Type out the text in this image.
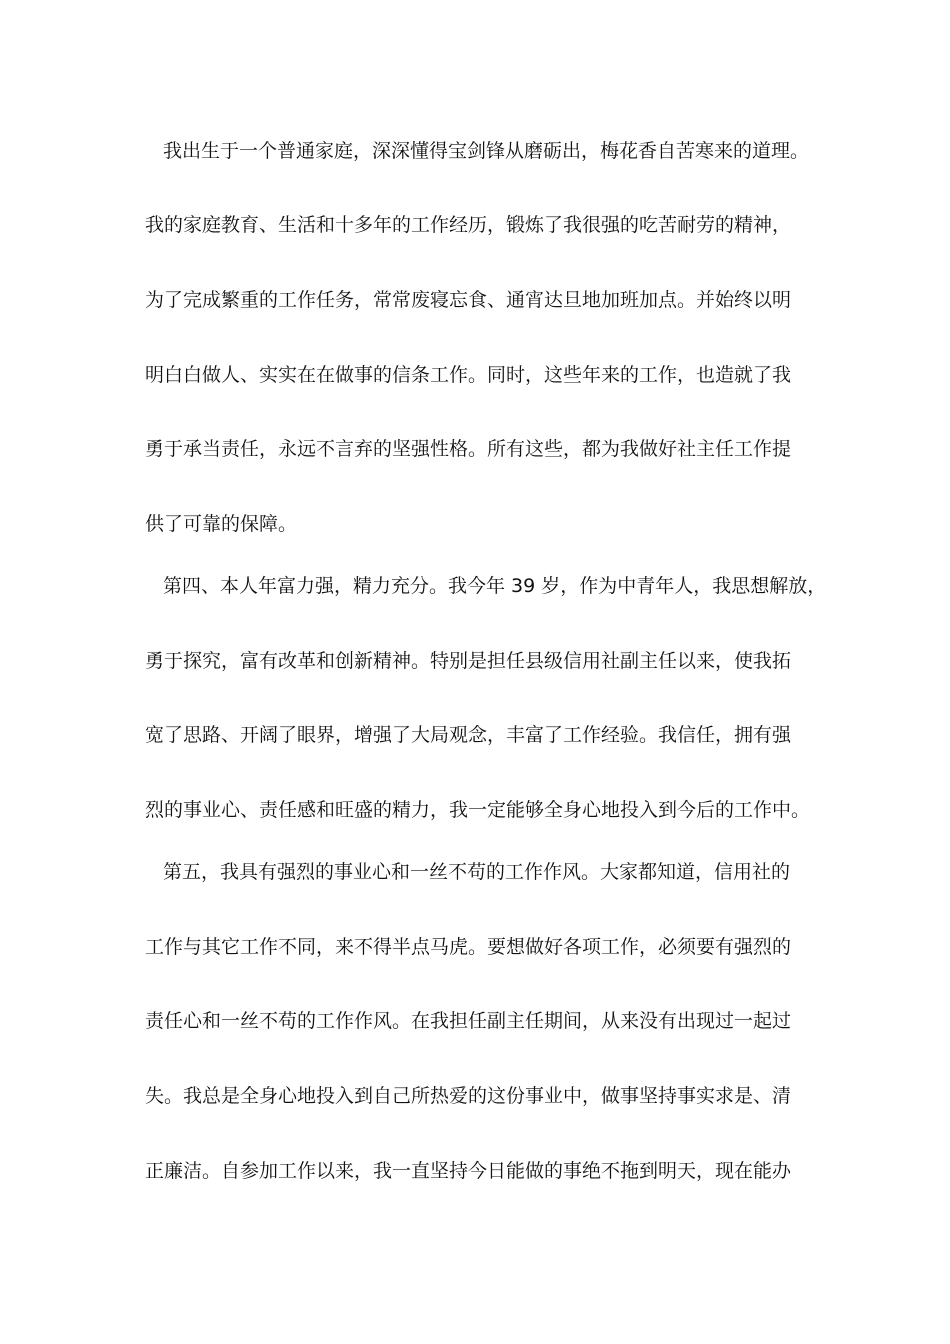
我出生于一个普通家庭，深深懂得宝剑锋从磨砺出，梅花香自苦寒来的道理。
我的家庭教育、生活和十多年的工作经历，锻炼了我很强的吃苦耐劳的精神，
为了完成繁重的工作任务，常常废寝忘食、通宵达旦地加班加点。并始终以明
明白白做人、实实在在做事的信条工作。同时，这些年来的工作，也造就了我
勇于承当责任，永远不言弃的坚强性格。所有这些，都为我做好社主任工作提
供了可靠的保障。
第四、本人年富力强，精力充分。我今年 39 岁，作为中青年人，我思想解放，
勇于探究，富有改革和创新精神。特别是担任县级信用社副主任以来，使我拓
宽了思路、开阔了眼界，增强了大局观念，丰富了工作经验。我信任，拥有强
烈的事业心、责任感和旺盛的精力，我一定能够全身心地投入到今后的工作中。
第五，我具有强烈的事业心和一丝不苟的工作作风。大家都知道，信用社的
工作与其它工作不同，来不得半点马虎。要想做好各项工作，必须要有强烈的
责任心和一丝不苟的工作作风。在我担任副主任期间，从来没有出现过一起过
失。我总是全身心地投入到自己所热爱的这份事业中，做事坚持事实求是、清
正廉洁。自参加工作以来，我一直坚持今日能做的事绝不拖到明天，现在能办
